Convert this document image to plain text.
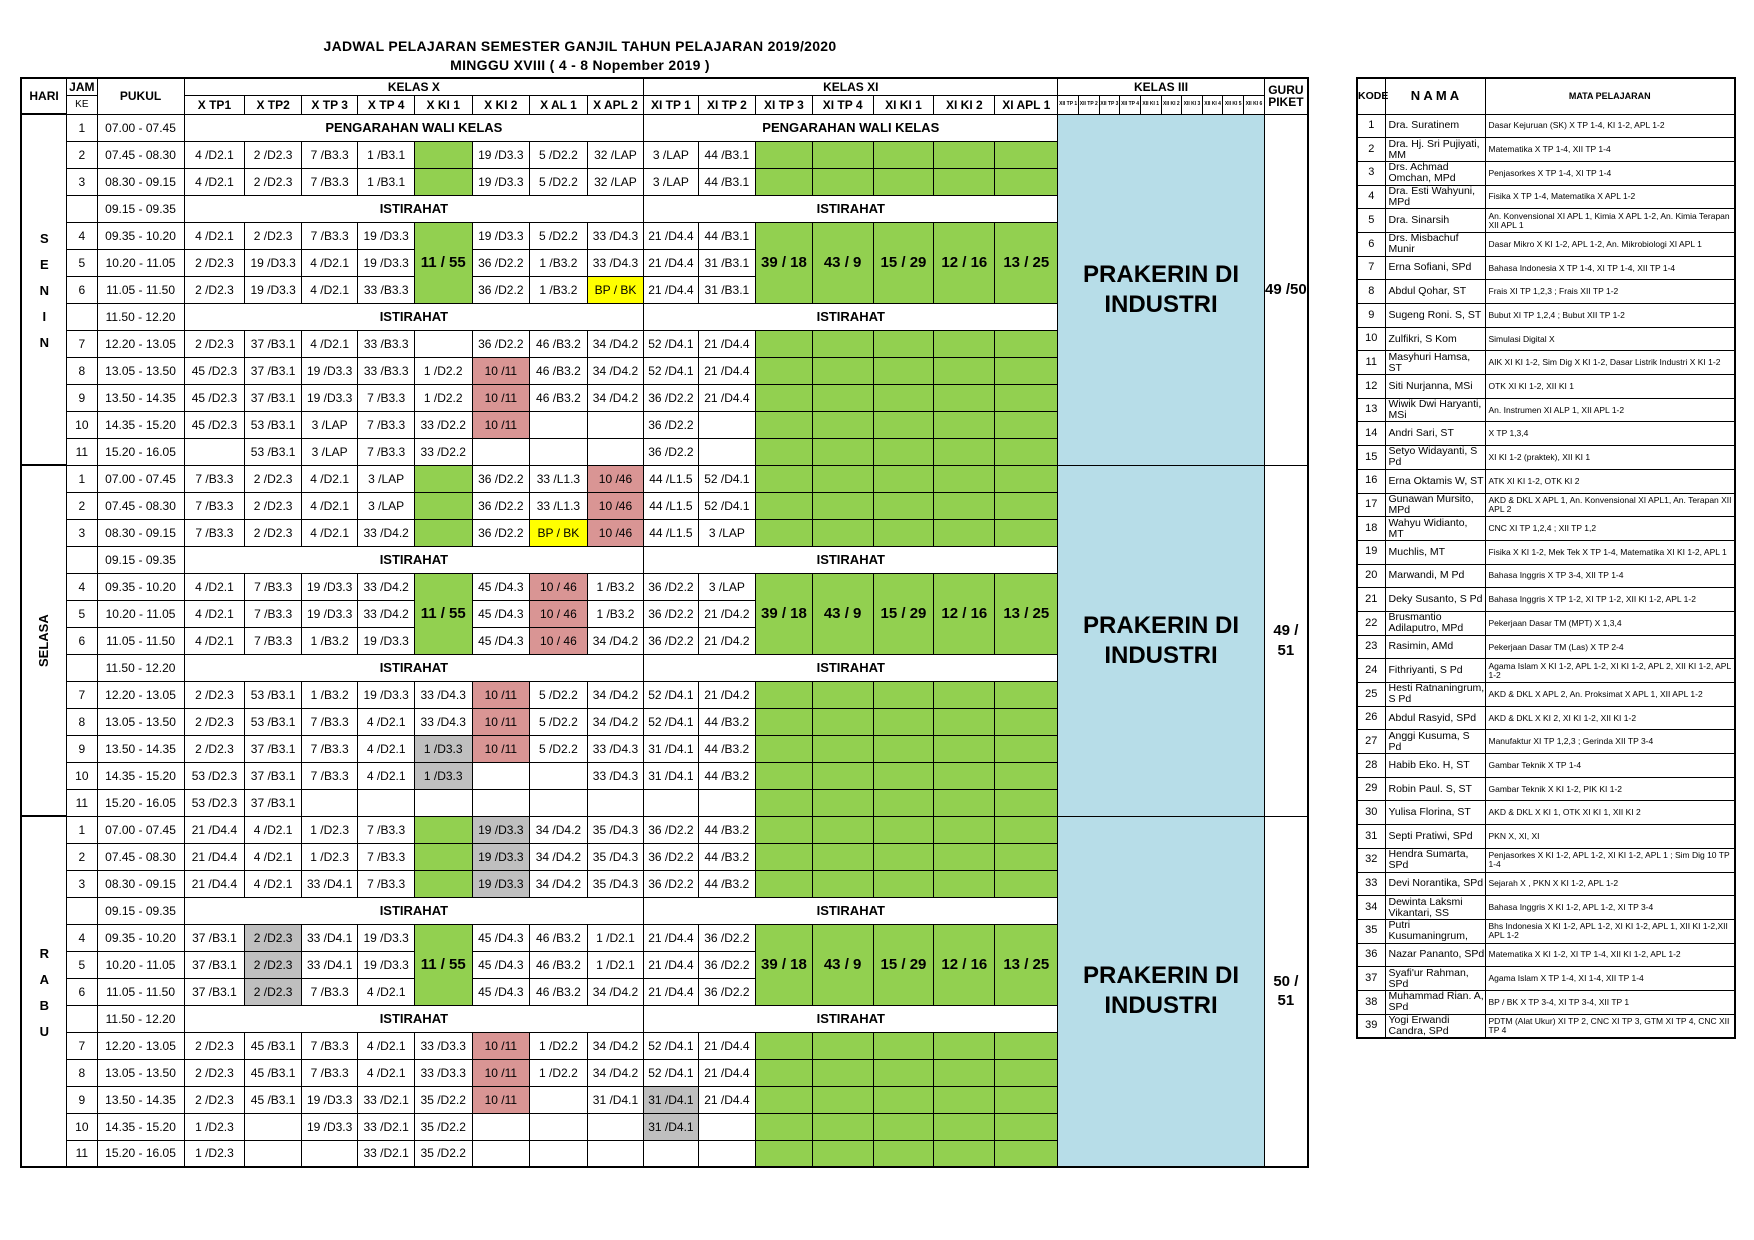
JADWAL PELAJARAN SEMESTER GANJIL TAHUN PELAJARAN 2019/2020
MINGGU XVIII ( 4 - 8 Nopember 2019 )
HARI	JAM	PUKUL	KELAS X								KELAS XI							KELAS III										GURU PIKET
	KE		X TP1	X TP2	X TP 3	X TP 4	X KI 1	X KI 2	X AL 1	X APL 2	XI TP 1	XI TP 2	XI TP 3	XI TP 4	XI KI 1	XI KI 2	XI APL 1	XII TP 1	XII TP 2	XII TP 3	XII TP 4	XII KI 1	XII KI 2	XII KI 3	XII KI 4	XII KI 5	XII KI 6	
S E N I N	1	07.00 - 07.45	PENGARAHAN WALI KELAS								PENGARAHAN WALI KELAS							PRAKERIN DI INDUSTRI										49 /50
	2	07.45 - 08.30	4 /D2.1	2 /D2.3	7 /B3.3	1 /B3.1		19 /D3.3	5 /D2.2	32 /LAP	3 /LAP	44 /B3.1																
	3	08.30 - 09.15	4 /D2.1	2 /D2.3	7 /B3.3	1 /B3.1		19 /D3.3	5 /D2.2	32 /LAP	3 /LAP	44 /B3.1																
		09.15 - 09.35	ISTIRAHAT								ISTIRAHAT																	
	4	09.35 - 10.20	4 /D2.1	2 /D2.3	7 /B3.3	19 /D3.3	11 / 55	19 /D3.3	5 /D2.2	33 /D4.3	21 /D4.4	44 /B3.1	39 / 18	43 / 9	15 / 29	12 / 16	13 / 25											
	5	10.20 - 11.05	2 /D2.3	19 /D3.3	4 /D2.1	19 /D3.3		36 /D2.2	1 /B3.2	33 /D4.3	21 /D4.4	31 /B3.1																
	6	11.05 - 11.50	2 /D2.3	19 /D3.3	4 /D2.1	33 /B3.3		36 /D2.2	1 /B3.2	BP / BK	21 /D4.4	31 /B3.1																
		11.50 - 12.20	ISTIRAHAT								ISTIRAHAT																	
	7	12.20 - 13.05	2 /D2.3	37 /B3.1	4 /D2.1	33 /B3.3		36 /D2.2	46 /B3.2	34 /D4.2	52 /D4.1	21 /D4.4																
	8	13.05 - 13.50	45 /D2.3	37 /B3.1	19 /D3.3	33 /B3.3	1 /D2.2	10 /11	46 /B3.2	34 /D4.2	52 /D4.1	21 /D4.4																
	9	13.50 - 14.35	45 /D2.3	37 /B3.1	19 /D3.3	7 /B3.3	1 /D2.2	10 /11	46 /B3.2	34 /D4.2	36 /D2.2	21 /D4.4																
	10	14.35 - 15.20	45 /D2.3	53 /B3.1	3 /LAP	7 /B3.3	33 /D2.2	10 /11			36 /D2.2																	
	11	15.20 - 16.05		53 /B3.1	3 /LAP	7 /B3.3	33 /D2.2				36 /D2.2																	
SELASA	1	07.00 - 07.45	7 /B3.3	2 /D2.3	4 /D2.1	3 /LAP		36 /D2.2	33 /L1.3	10 /46	44 /L1.5	52 /D4.1						PRAKERIN DI INDUSTRI										49 / 51
	2	07.45 - 08.30	7 /B3.3	2 /D2.3	4 /D2.1	3 /LAP		36 /D2.2	33 /L1.3	10 /46	44 /L1.5	52 /D4.1																
	3	08.30 - 09.15	7 /B3.3	2 /D2.3	4 /D2.1	33 /D4.2		36 /D2.2	BP / BK	10 /46	44 /L1.5	3 /LAP																
		09.15 - 09.35	ISTIRAHAT								ISTIRAHAT																	
	4	09.35 - 10.20	4 /D2.1	7 /B3.3	19 /D3.3	33 /D4.2	11 / 55	45 /D4.3	10 / 46	1 /B3.2	36 /D2.2	3 /LAP	39 / 18	43 / 9	15 / 29	12 / 16	13 / 25											
	5	10.20 - 11.05	4 /D2.1	7 /B3.3	19 /D3.3	33 /D4.2		45 /D4.3	10 / 46	1 /B3.2	36 /D2.2	21 /D4.2																
	6	11.05 - 11.50	4 /D2.1	7 /B3.3	1 /B3.2	19 /D3.3		45 /D4.3	10 / 46	34 /D4.2	36 /D2.2	21 /D4.2																
		11.50 - 12.20	ISTIRAHAT								ISTIRAHAT																	
	7	12.20 - 13.05	2 /D2.3	53 /B3.1	1 /B3.2	19 /D3.3	33 /D4.3	10 /11	5 /D2.2	34 /D4.2	52 /D4.1	21 /D4.2																
	8	13.05 - 13.50	2 /D2.3	53 /B3.1	7 /B3.3	4 /D2.1	33 /D4.3	10 /11	5 /D2.2	34 /D4.2	52 /D4.1	44 /B3.2																
	9	13.50 - 14.35	2 /D2.3	37 /B3.1	7 /B3.3	4 /D2.1	1 /D3.3	10 /11	5 /D2.2	33 /D4.3	31 /D4.1	44 /B3.2																
	10	14.35 - 15.20	53 /D2.3	37 /B3.1	7 /B3.3	4 /D2.1	1 /D3.3			33 /D4.3	31 /D4.1	44 /B3.2																
	11	15.20 - 16.05	53 /D2.3	37 /B3.1																								
R A B U	1	07.00 - 07.45	21 /D4.4	4 /D2.1	1 /D2.3	7 /B3.3		19 /D3.3	34 /D4.2	35 /D4.3	36 /D2.2	44 /B3.2						PRAKERIN DI INDUSTRI										50 / 51
	2	07.45 - 08.30	21 /D4.4	4 /D2.1	1 /D2.3	7 /B3.3		19 /D3.3	34 /D4.2	35 /D4.3	36 /D2.2	44 /B3.2																
	3	08.30 - 09.15	21 /D4.4	4 /D2.1	33 /D4.1	7 /B3.3		19 /D3.3	34 /D4.2	35 /D4.3	36 /D2.2	44 /B3.2																
		09.15 - 09.35	ISTIRAHAT								ISTIRAHAT																	
	4	09.35 - 10.20	37 /B3.1	2 /D2.3	33 /D4.1	19 /D3.3	11 / 55	45 /D4.3	46 /B3.2	1 /D2.1	21 /D4.4	36 /D2.2	39 / 18	43 / 9	15 / 29	12 / 16	13 / 25											
	5	10.20 - 11.05	37 /B3.1	2 /D2.3	33 /D4.1	19 /D3.3		45 /D4.3	46 /B3.2	1 /D2.1	21 /D4.4	36 /D2.2																
	6	11.05 - 11.50	37 /B3.1	2 /D2.3	7 /B3.3	4 /D2.1		45 /D4.3	46 /B3.2	34 /D4.2	21 /D4.4	36 /D2.2																
		11.50 - 12.20	ISTIRAHAT								ISTIRAHAT																	
	7	12.20 - 13.05	2 /D2.3	45 /B3.1	7 /B3.3	4 /D2.1	33 /D3.3	10 /11	1 /D2.2	34 /D4.2	52 /D4.1	21 /D4.4																
	8	13.05 - 13.50	2 /D2.3	45 /B3.1	7 /B3.3	4 /D2.1	33 /D3.3	10 /11	1 /D2.2	34 /D4.2	52 /D4.1	21 /D4.4																
	9	13.50 - 14.35	2 /D2.3	45 /B3.1	19 /D3.3	33 /D2.1	35 /D2.2	10 /11		31 /D4.1	31 /D4.1	21 /D4.4																
	10	14.35 - 15.20	1 /D2.3		19 /D3.3	33 /D2.1	35 /D2.2				31 /D4.1																	
	11	15.20 - 16.05	1 /D2.3			33 /D2.1	35 /D2.2																					
KODE	N A M A	MATA PELAJARAN
1	Dra. Suratinem	Dasar Kejuruan (SK) X TP 1-4, KI 1-2, APL 1-2
2	Dra. Hj. Sri Pujiyati, MM	Matematika X TP 1-4, XII TP 1-4
3	Drs. Achmad Omchan, MPd	Penjasorkes X TP 1-4, XI TP 1-4
4	Dra. Esti Wahyuni, MPd	Fisika X TP 1-4, Matematika X APL 1-2
5	Dra. Sinarsih	An. Konvensional XI APL 1, Kimia X APL 1-2, An. Kimia Terapan XII APL 1
6	Drs. Misbachuf Munir	Dasar Mikro X KI 1-2, APL 1-2, An. Mikrobiologi XI APL 1
7	Erna Sofiani, SPd	Bahasa Indonesia X TP 1-4, XI TP 1-4, XII TP 1-4
8	Abdul Qohar, ST	Frais XI TP 1,2,3 ; Frais XII TP 1-2
9	Sugeng Roni. S, ST	Bubut XI TP 1,2,4 ; Bubut XII TP 1-2
10	Zulfikri, S Kom	Simulasi Digital X
11	Masyhuri Hamsa, ST	AIK XI KI 1-2, Sim Dig X KI 1-2, Dasar Listrik Industri X KI 1-2
12	Siti Nurjanna, MSi	OTK XI KI 1-2, XII KI 1
13	Wiwik Dwi Haryanti, MSi	An. Instrumen XI ALP 1, XII APL 1-2
14	Andri Sari, ST	X TP 1,3,4
15	Setyo Widayanti, S Pd	XI KI 1-2 (praktek), XII KI 1
16	Erna Oktamis W, ST	ATK XI KI 1-2, OTK KI 2
17	Gunawan Mursito, MPd	AKD & DKL X APL 1, An. Konvensional XI APL1, An. Terapan XII APL 2
18	Wahyu Widianto, MT	CNC XI TP 1,2,4 ; XII TP 1,2
19	Muchlis, MT	Fisika X KI 1-2, Mek Tek X TP 1-4, Matematika XI KI 1-2, APL 1
20	Marwandi, M Pd	Bahasa Inggris X TP 3-4, XII TP 1-4
21	Deky Susanto, S Pd	Bahasa Inggris X TP 1-2, XI TP 1-2, XII KI 1-2, APL 1-2
22	Brusmantio Adilaputro, MPd	Pekerjaan Dasar TM (MPT) X 1,3,4
23	Rasimin, AMd	Pekerjaan Dasar TM (Las) X TP 2-4
24	Fithriyanti, S Pd	Agama Islam X KI 1-2, APL 1-2, XI KI 1-2, APL 2, XII KI 1-2, APL 1-2
25	Hesti Ratnaningrum, S Pd	AKD & DKL X APL 2, An. Proksimat X APL 1, XII APL 1-2
26	Abdul Rasyid, SPd	AKD & DKL X KI 2, XI KI 1-2, XII KI 1-2
27	Anggi Kusuma, S Pd	Manufaktur XI TP 1,2,3 ; Gerinda XII TP 3-4
28	Habib Eko. H, ST	Gambar Teknik X TP 1-4
29	Robin Paul. S, ST	Gambar Teknik X KI 1-2, PIK KI 1-2
30	Yulisa Florina, ST	AKD & DKL X KI 1, OTK XI KI 1, XII KI 2
31	Septi Pratiwi, SPd	PKN X, XI, XI
32	Hendra Sumarta, SPd	Penjasorkes X KI 1-2, APL 1-2, XI KI 1-2, APL 1 ; Sim Dig 10 TP 1-4
33	Devi Norantika, SPd	Sejarah X , PKN X KI 1-2, APL 1-2
34	Dewinta Laksmi Vikantari, SS	Bahasa Inggris X KI 1-2, APL 1-2, XI TP 3-4
35	Putri Kusumaningrum,	Bhs Indonesia X KI 1-2, APL 1-2, XI KI 1-2, APL 1, XII KI 1-2,XII APL 1-2
36	Nazar Pananto, SPd	Matematika X KI 1-2, XI TP 1-4, XII KI 1-2, APL 1-2
37	Syafi'ur Rahman, SPd	Agama Islam X TP 1-4, XI 1-4, XII TP 1-4
38	Muhammad Rian. A, SPd	BP / BK X TP 3-4, XI TP 3-4, XII TP 1
39	Yogi Erwandi Candra, SPd	PDTM (Alat Ukur) XI TP 2, CNC XI TP 3, GTM XI TP 4, CNC XII TP 4
